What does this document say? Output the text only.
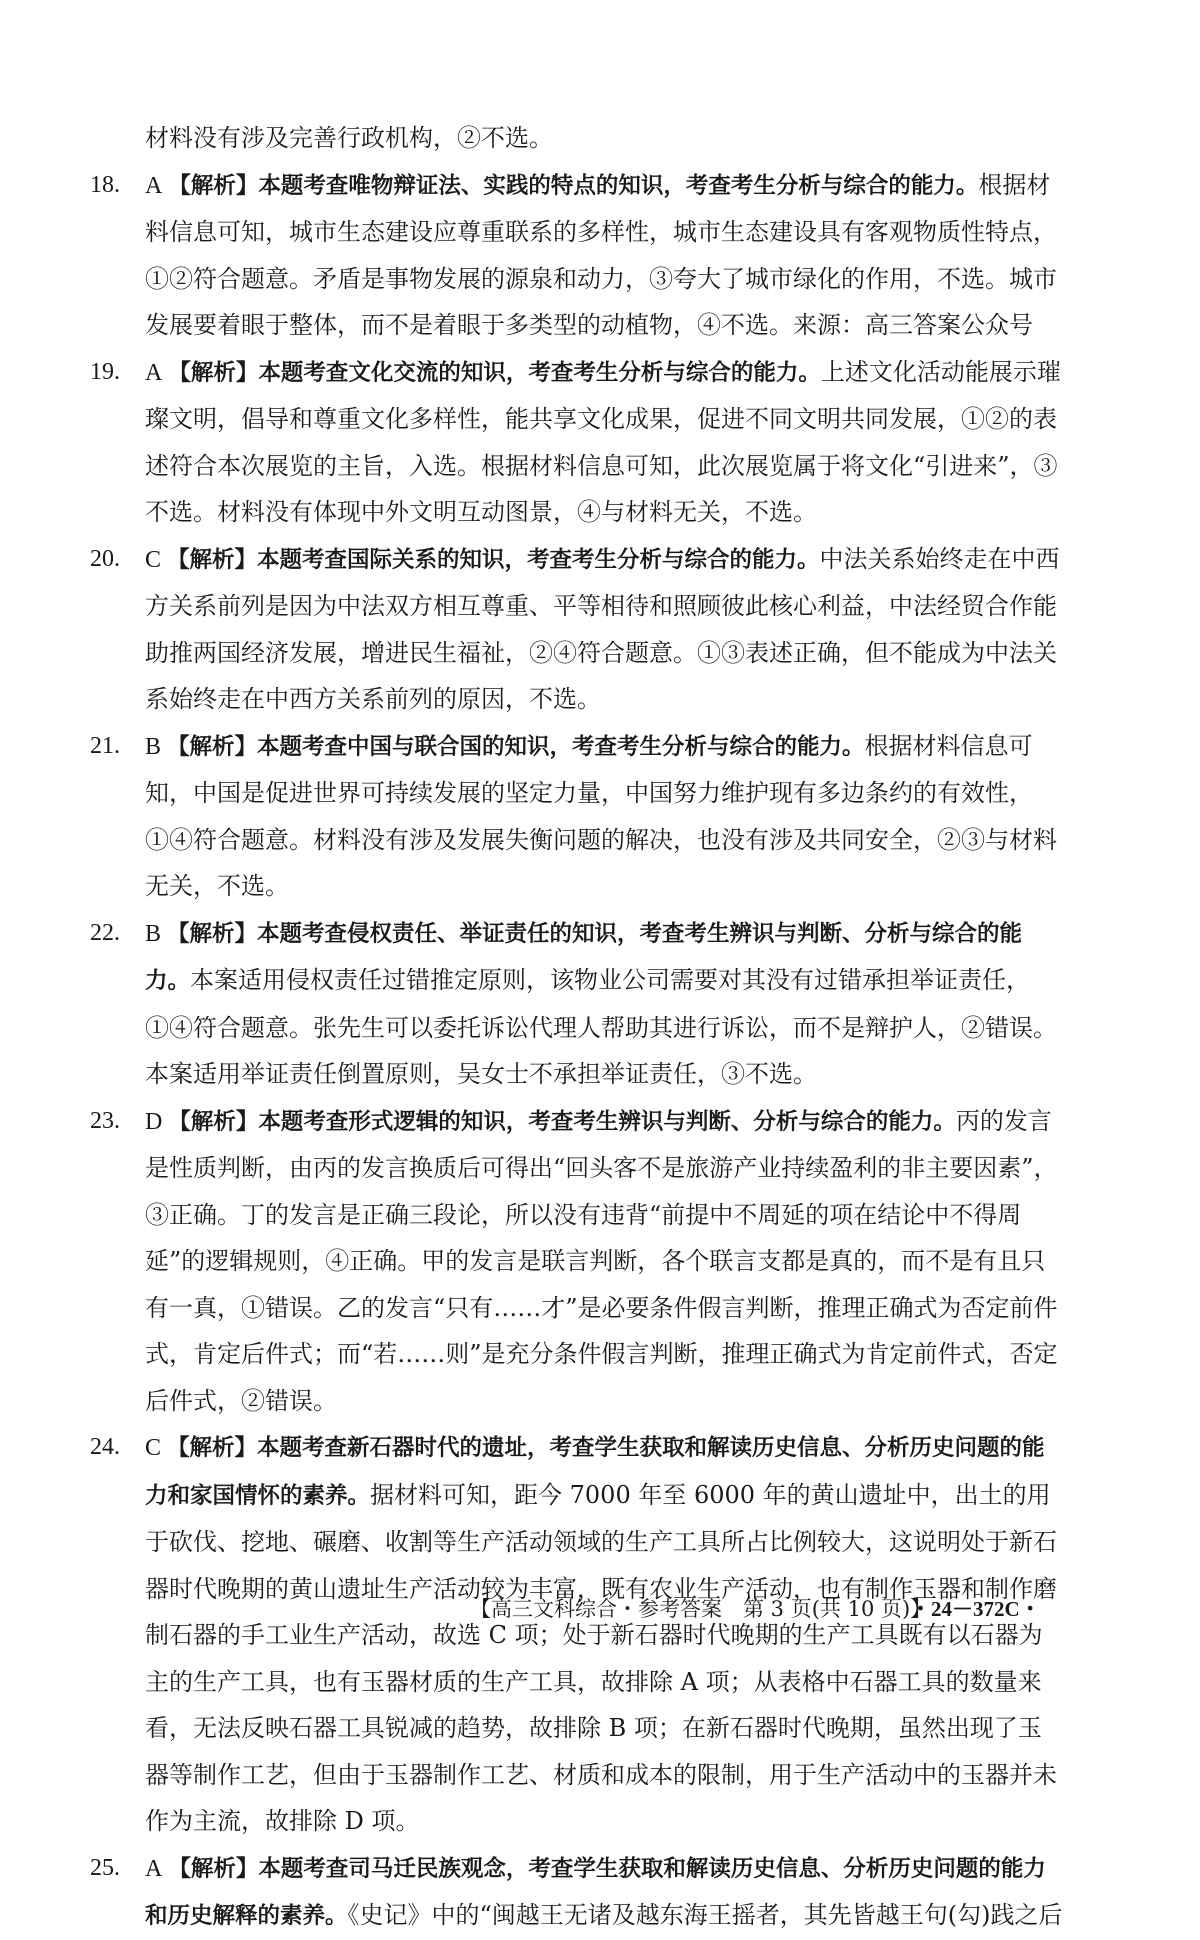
材料没有涉及完善行政机构，②不选。
18.	A 【解析】本题考查唯物辩证法、实践的特点的知识，考查考生分析与综合的能力。根据材料信息可知，城市生态建设应尊重联系的多样性，城市生态建设具有客观物质性特点，①②符合题意。矛盾是事物发展的源泉和动力，③夸大了城市绿化的作用，不选。城市发展要着眼于整体，而不是着眼于多类型的动植物，④不选。来源：高三答案公众号
19.	A 【解析】本题考查文化交流的知识，考查考生分析与综合的能力。上述文化活动能展示璀璨文明，倡导和尊重文化多样性，能共享文化成果，促进不同文明共同发展，①②的表述符合本次展览的主旨，入选。根据材料信息可知，此次展览属于将文化“引进来”，③不选。材料没有体现中外文明互动图景，④与材料无关，不选。
20.	C 【解析】本题考查国际关系的知识，考查考生分析与综合的能力。中法关系始终走在中西方关系前列是因为中法双方相互尊重、平等相待和照顾彼此核心利益，中法经贸合作能助推两国经济发展，增进民生福祉，②④符合题意。①③表述正确，但不能成为中法关系始终走在中西方关系前列的原因，不选。
21.	B 【解析】本题考查中国与联合国的知识，考查考生分析与综合的能力。根据材料信息可知，中国是促进世界可持续发展的坚定力量，中国努力维护现有多边条约的有效性，①④符合题意。材料没有涉及发展失衡问题的解决，也没有涉及共同安全，②③与材料无关，不选。
22.	B 【解析】本题考查侵权责任、举证责任的知识，考查考生辨识与判断、分析与综合的能力。本案适用侵权责任过错推定原则，该物业公司需要对其没有过错承担举证责任，①④符合题意。张先生可以委托诉讼代理人帮助其进行诉讼，而不是辩护人，②错误。本案适用举证责任倒置原则，吴女士不承担举证责任，③不选。
23.	D 【解析】本题考查形式逻辑的知识，考查考生辨识与判断、分析与综合的能力。丙的发言是性质判断，由丙的发言换质后可得出“回头客不是旅游产业持续盈利的非主要因素”，③正确。丁的发言是正确三段论，所以没有违背“前提中不周延的项在结论中不得周延”的逻辑规则，④正确。甲的发言是联言判断，各个联言支都是真的，而不是有且只有一真，①错误。乙的发言“只有……才”是必要条件假言判断，推理正确式为否定前件式，肯定后件式；而“若……则”是充分条件假言判断，推理正确式为肯定前件式，否定后件式，②错误。
24.	C 【解析】本题考查新石器时代的遗址，考查学生获取和解读历史信息、分析历史问题的能力和家国情怀的素养。据材料可知，距今 7000 年至 6000 年的黄山遗址中，出土的用于砍伐、挖地、碾磨、收割等生产活动领域的生产工具所占比例较大，这说明处于新石器时代晚期的黄山遗址生产活动较为丰富，既有农业生产活动，也有制作玉器和制作磨制石器的手工业生产活动，故选 C 项；处于新石器时代晚期的生产工具既有以石器为主的生产工具，也有玉器材质的生产工具，故排除 A 项；从表格中石器工具的数量来看，无法反映石器工具锐减的趋势，故排除 B 项；在新石器时代晚期，虽然出现了玉器等制作工艺，但由于玉器制作工艺、材质和成本的限制，用于生产活动中的玉器并未作为主流，故排除 D 项。
25.	A 【解析】本题考查司马迁民族观念，考查学生获取和解读历史信息、分析历史问题的能力和历史解释的素养。《史记》中的“闽越王无诸及越东海王摇者，其先皆越王句(勾)践之后
【高三文科综合・参考答案　第 3 页(共 10 页)】
・24－372C・
